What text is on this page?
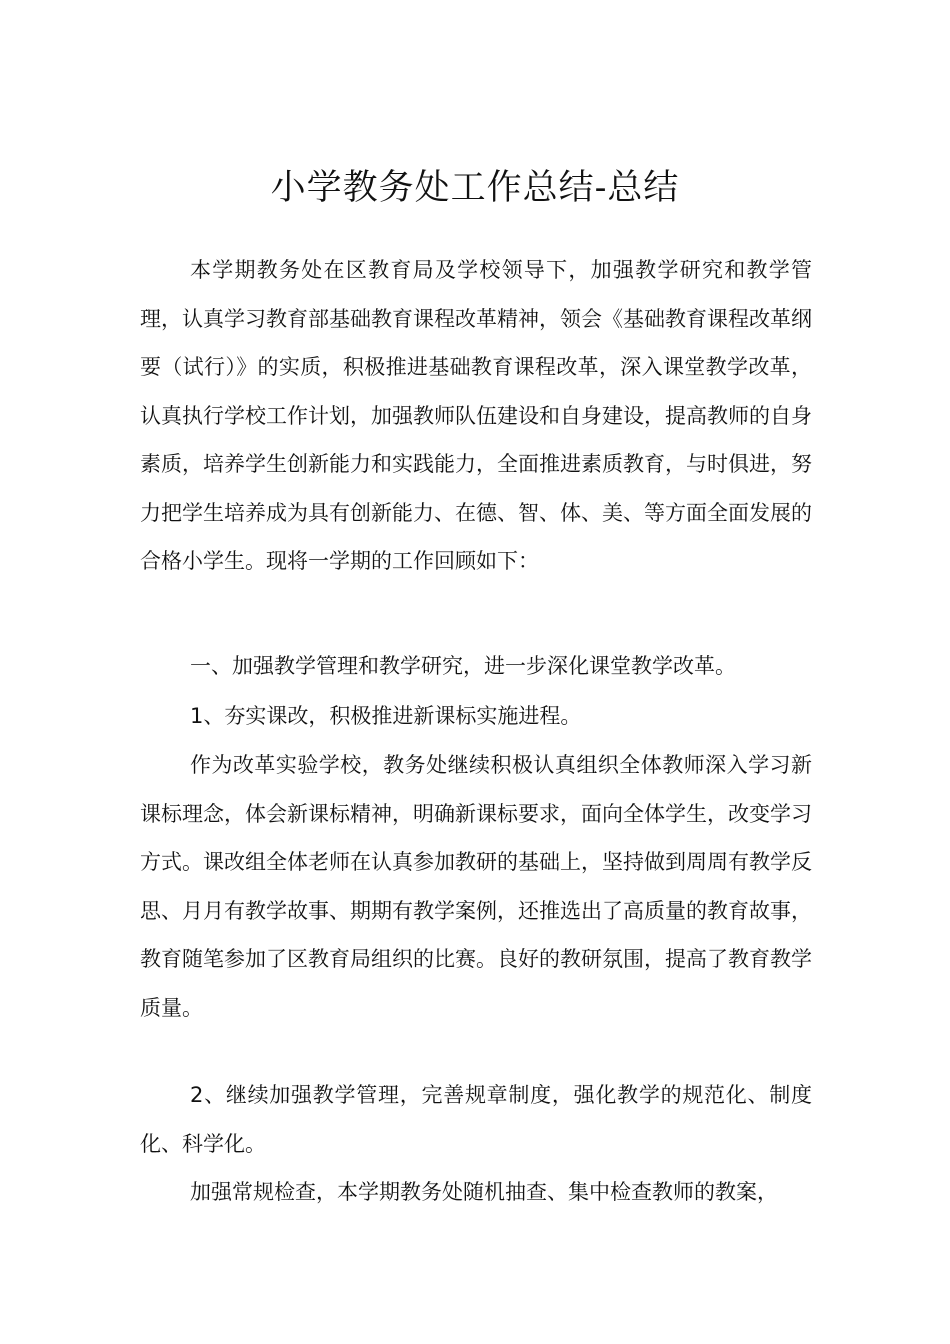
小学教务处工作总结-总结

本学期教务处在区教育局及学校领导下，加强教学研究和教学管理，认真学习教育部基础教育课程改革精神，领会《基础教育课程改革纲要（试行）》的实质，积极推进基础教育课程改革，深入课堂教学改革，认真执行学校工作计划，加强教师队伍建设和自身建设，提高教师的自身素质，培养学生创新能力和实践能力，全面推进素质教育，与时俱进，努力把学生培养成为具有创新能力、在德、智、体、美、等方面全面发展的合格小学生。现将一学期的工作回顾如下：

一、加强教学管理和教学研究，进一步深化课堂教学改革。

1、夯实课改，积极推进新课标实施进程。

作为改革实验学校，教务处继续积极认真组织全体教师深入学习新课标理念，体会新课标精神，明确新课标要求，面向全体学生，改变学习方式。课改组全体老师在认真参加教研的基础上，坚持做到周周有教学反思、月月有教学故事、期期有教学案例，还推选出了高质量的教育故事，教育随笔参加了区教育局组织的比赛。良好的教研氛围，提高了教育教学质量。

2、继续加强教学管理，完善规章制度，强化教学的规范化、制度化、科学化。

加强常规检查，本学期教务处随机抽查、集中检查教师的教案，
